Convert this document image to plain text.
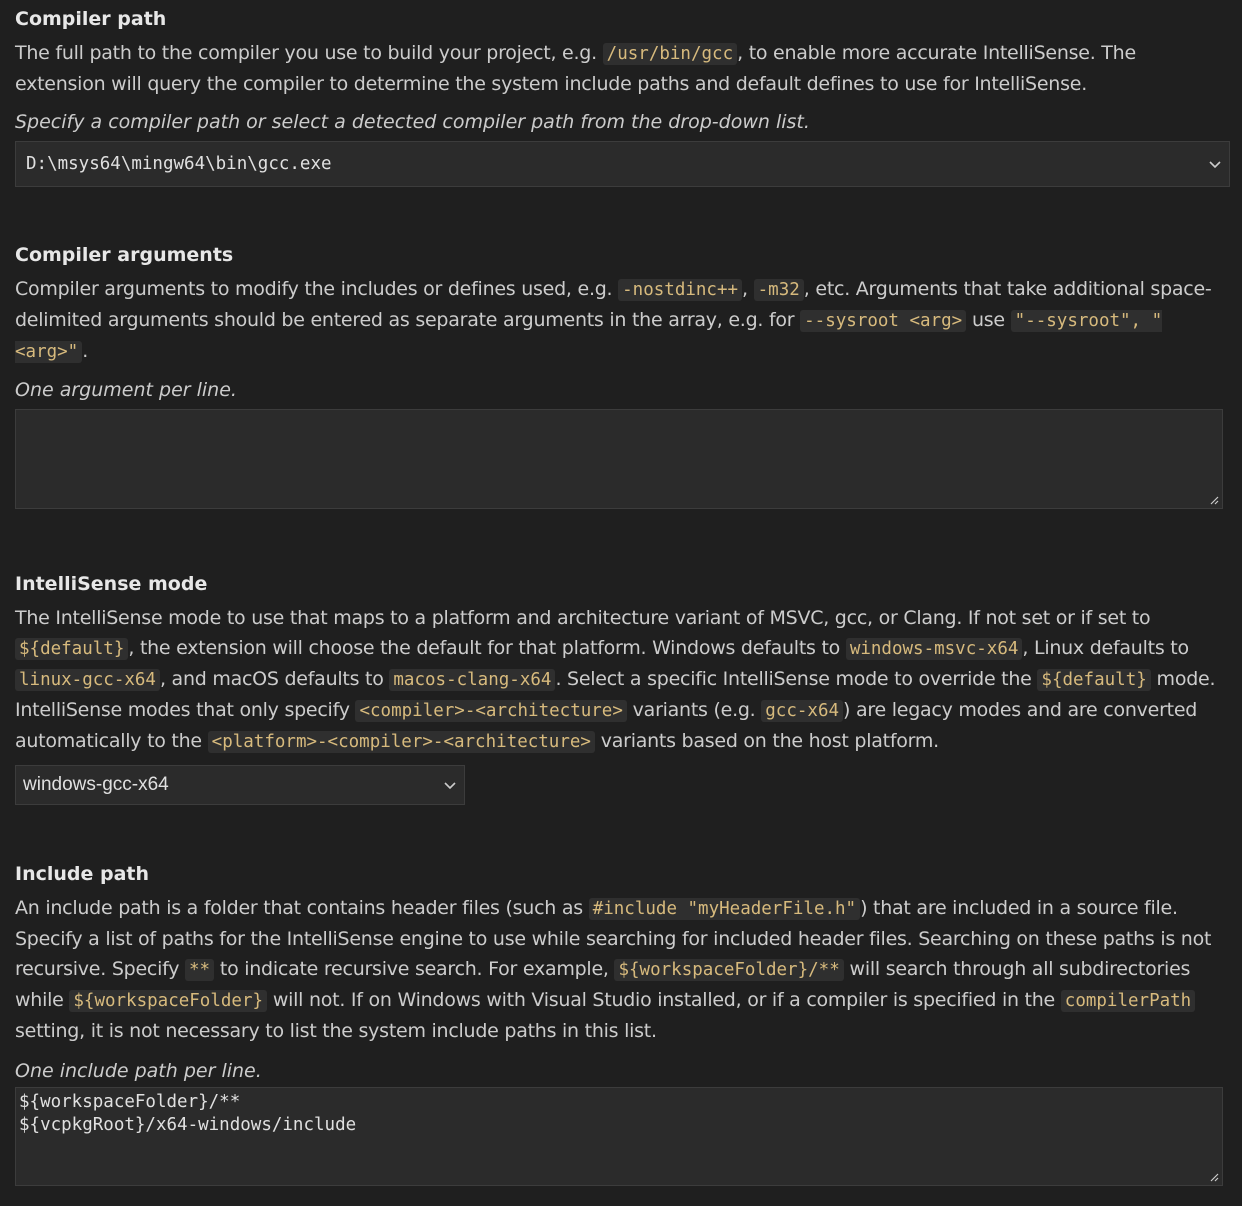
Compiler path
The full path to the compiler you use to build your project, e.g. /usr/bin/gcc , to enable more accurate IntelliSense. The extension will query the compiler to determine the system include paths and default defines to use for IntelliSense.
Specify a compiler path or select a detected compiler path from the drop-down list.
D:\msys64\mingw64\bin\gcc.exe
Compiler arguments
Compiler arguments to modify the includes or defines used, e.g. -nostdinc++ , -m32 , etc. Arguments that take additional space-delimited arguments should be entered as separate arguments in the array, e.g. for --sysroot <arg> use "--sysroot", "<arg>" .
One argument per line.
IntelliSense mode
The IntelliSense mode to use that maps to a platform and architecture variant of MSVC, gcc, or Clang. If not set or if set to ${default} , the extension will choose the default for that platform. Windows defaults to windows-msvc-x64 , Linux defaults to linux-gcc-x64 , and macOS defaults to macos-clang-x64 . Select a specific IntelliSense mode to override the ${default} mode. IntelliSense modes that only specify <compiler>-<architecture> variants (e.g. gcc-x64 ) are legacy modes and are converted automatically to the <platform>-<compiler>-<architecture> variants based on the host platform.
windows-gcc-x64
Include path
An include path is a folder that contains header files (such as #include "myHeaderFile.h" ) that are included in a source file. Specify a list of paths for the IntelliSense engine to use while searching for included header files. Searching on these paths is not recursive. Specify ** to indicate recursive search. For example, ${workspaceFolder}/** will search through all subdirectories while ${workspaceFolder} will not. If on Windows with Visual Studio installed, or if a compiler is specified in the compilerPath setting, it is not necessary to list the system include paths in this list.
One include path per line.
${workspaceFolder}/**
${vcpkgRoot}/x64-windows/include
